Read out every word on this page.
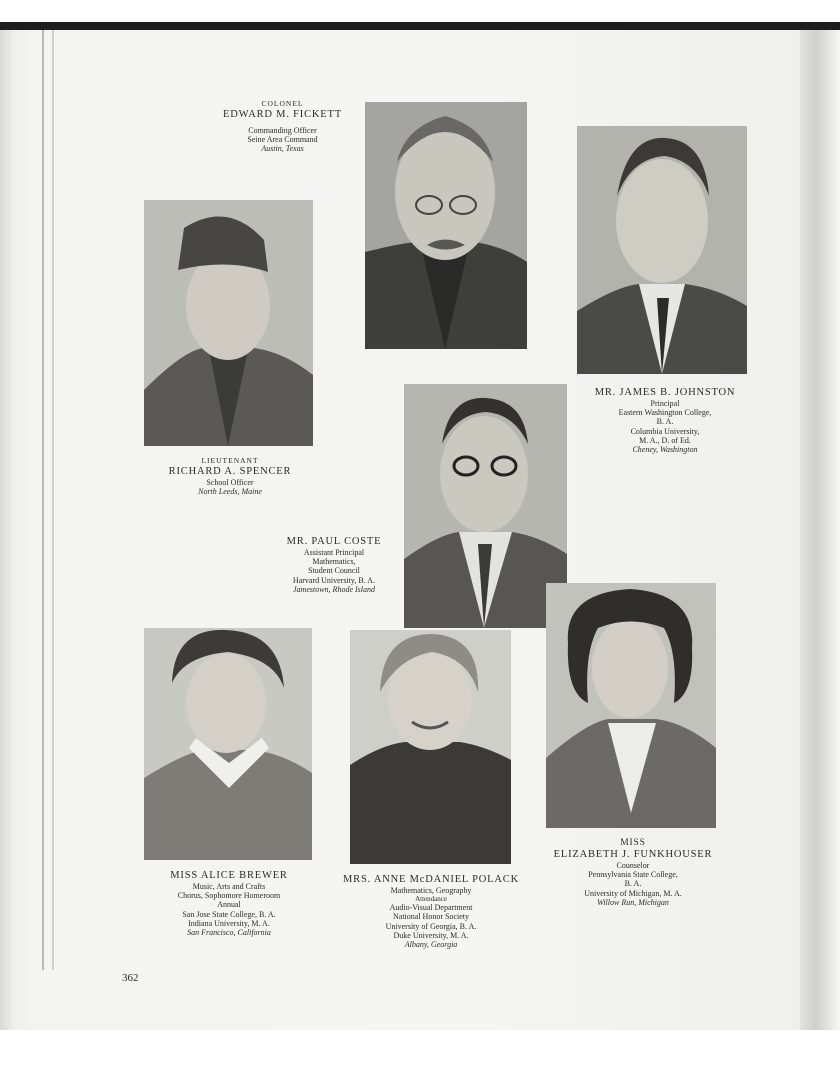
COLONEL
EDWARD M. FICKETT
Commanding Officer
Seine Area Command
Austin, Texas
MR. JAMES B. JOHNSTON
Principal
Eastern Washington College,
B. A.
Columbia University,
M. A., D. of Ed.
Cheney, Washington
LIEUTENANT
RICHARD A. SPENCER
School Officer
North Leeds, Maine
MR. PAUL COSTE
Assistant Principal
Mathematics,
Student Council
Harvard University, B. A.
Jamestown, Rhode Island
MISS ALICE BREWER
Music, Arts and Crafts
Chorus, Sophomore Homeroom
Annual
San Jose State College, B. A.
Indiana University, M. A.
San Francisco, California
MRS. ANNE McDANIEL POLACK
Mathematics, Geography
Attendance
Audio-Visual Department
National Honor Society
University of Georgia, B. A.
Duke University, M. A.
Albany, Georgia
MISS
ELIZABETH J. FUNKHOUSER
Counselor
Pennsylvania State College,
B. A.
University of Michigan, M. A.
Willow Run, Michigan
362
